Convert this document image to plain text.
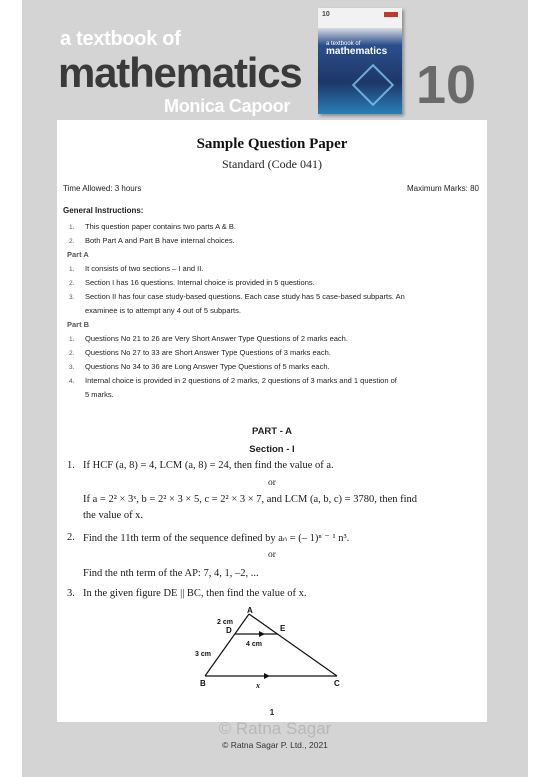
a textbook of
mathematics
Monica Capoor
10
a textbook of
mathematics
10
Sample Question Paper
Standard (Code 041)
Time Allowed: 3 hours	Maximum Marks: 80
General Instructions:
1. This question paper contains two parts A & B.
2. Both Part A and Part B have internal choices.
Part A
1. It consists of two sections – I and II.
2. Section I has 16 questions. Internal choice is provided in 5 questions.
3. Section II has four case study-based questions. Each case study has 5 case-based subparts. An
examinee is to attempt any 4 out of 5 subparts.
Part B
1. Questions No 21 to 26 are Very Short Answer Type Questions of 2 marks each.
2. Questions No 27 to 33 are Short Answer Type Questions of 3 marks each.
3. Questions No 34 to 36 are Long Answer Type Questions of 5 marks each.
4. Internal choice is provided in 2 questions of 2 marks, 2 questions of 3 marks and 1 question of
5 marks.
PART - A
Section - I
1. If HCF (a, 8) = 4, LCM (a, 8) = 24, then find the value of a.
or
If a = 2² × 3ˣ, b = 2² × 3 × 5, c = 2² × 3 × 7, and LCM (a, b, c) = 3780, then find
the value of x.
2. Find the 11th term of the sequence defined by aₙ = (– 1)ⁿ ⁻ ¹ n³.
or
Find the nth term of the AP: 7, 4, 1, –2, ...
3. In the given figure DE || BC, then find the value of x.
A
D	E
B	C
2 cm
4 cm
3 cm
x
1
© Ratna Sagar
© Ratna Sagar P. Ltd., 2021
